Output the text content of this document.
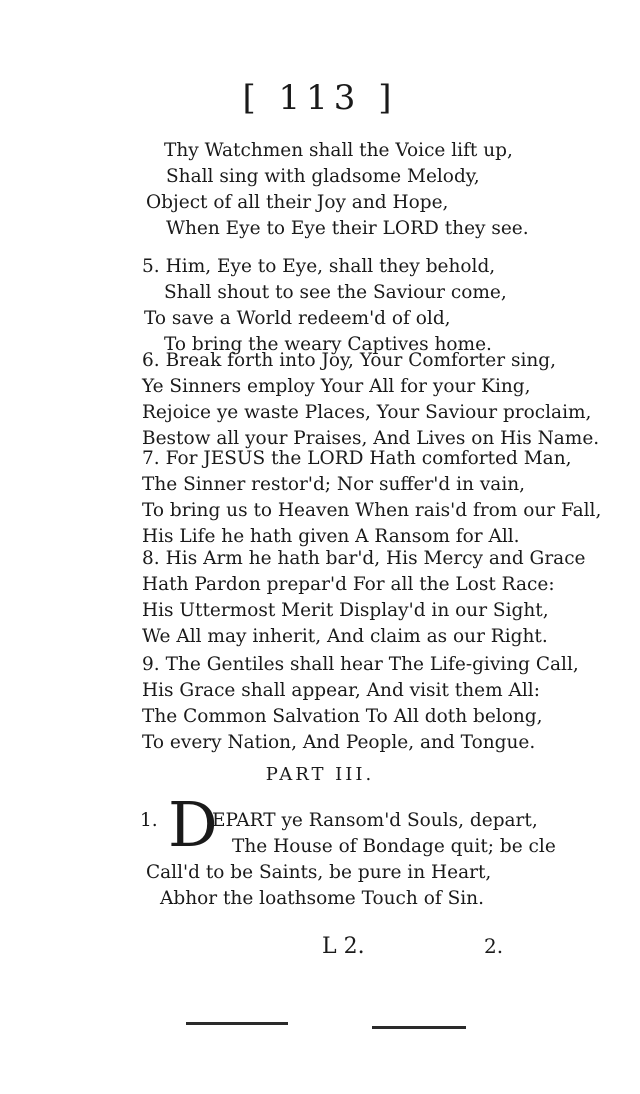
[ 113 ]
Thy Watchmen shall the Voice lift up,
Shall sing with gladsome Melody,
Object of all their Joy and Hope,
When Eye to Eye their LORD they see.
5. Him, Eye to Eye, shall they behold,
Shall shout to see the Saviour come,
To save a World redeem'd of old,
To bring the weary Captives home.
6. Break forth into Joy, Your Comforter sing,
Ye Sinners employ Your All for your King,
Rejoice ye waste Places, Your Saviour proclaim,
Bestow all your Praises, And Lives on His Name.
7. For JESUS the LORD Hath comforted Man,
The Sinner restor'd; Nor suffer'd in vain,
To bring us to Heaven When rais'd from our Fall,
His Life he hath given A Ransom for All.
8. His Arm he hath bar'd, His Mercy and Grace
Hath Pardon prepar'd For all the Lost Race:
His Uttermost Merit Display'd in our Sight,
We All may inherit, And claim as our Right.
9. The Gentiles shall hear The Life-giving Call,
His Grace shall appear, And visit them All:
The Common Salvation To All doth belong,
To every Nation, And People, and Tongue.
PART III.
1. D
EPART ye Ransom'd Souls, depart,
The House of Bondage quit; be cle
Call'd to be Saints, be pure in Heart,
Abhor the loathsome Touch of Sin.
L 2.	2.
